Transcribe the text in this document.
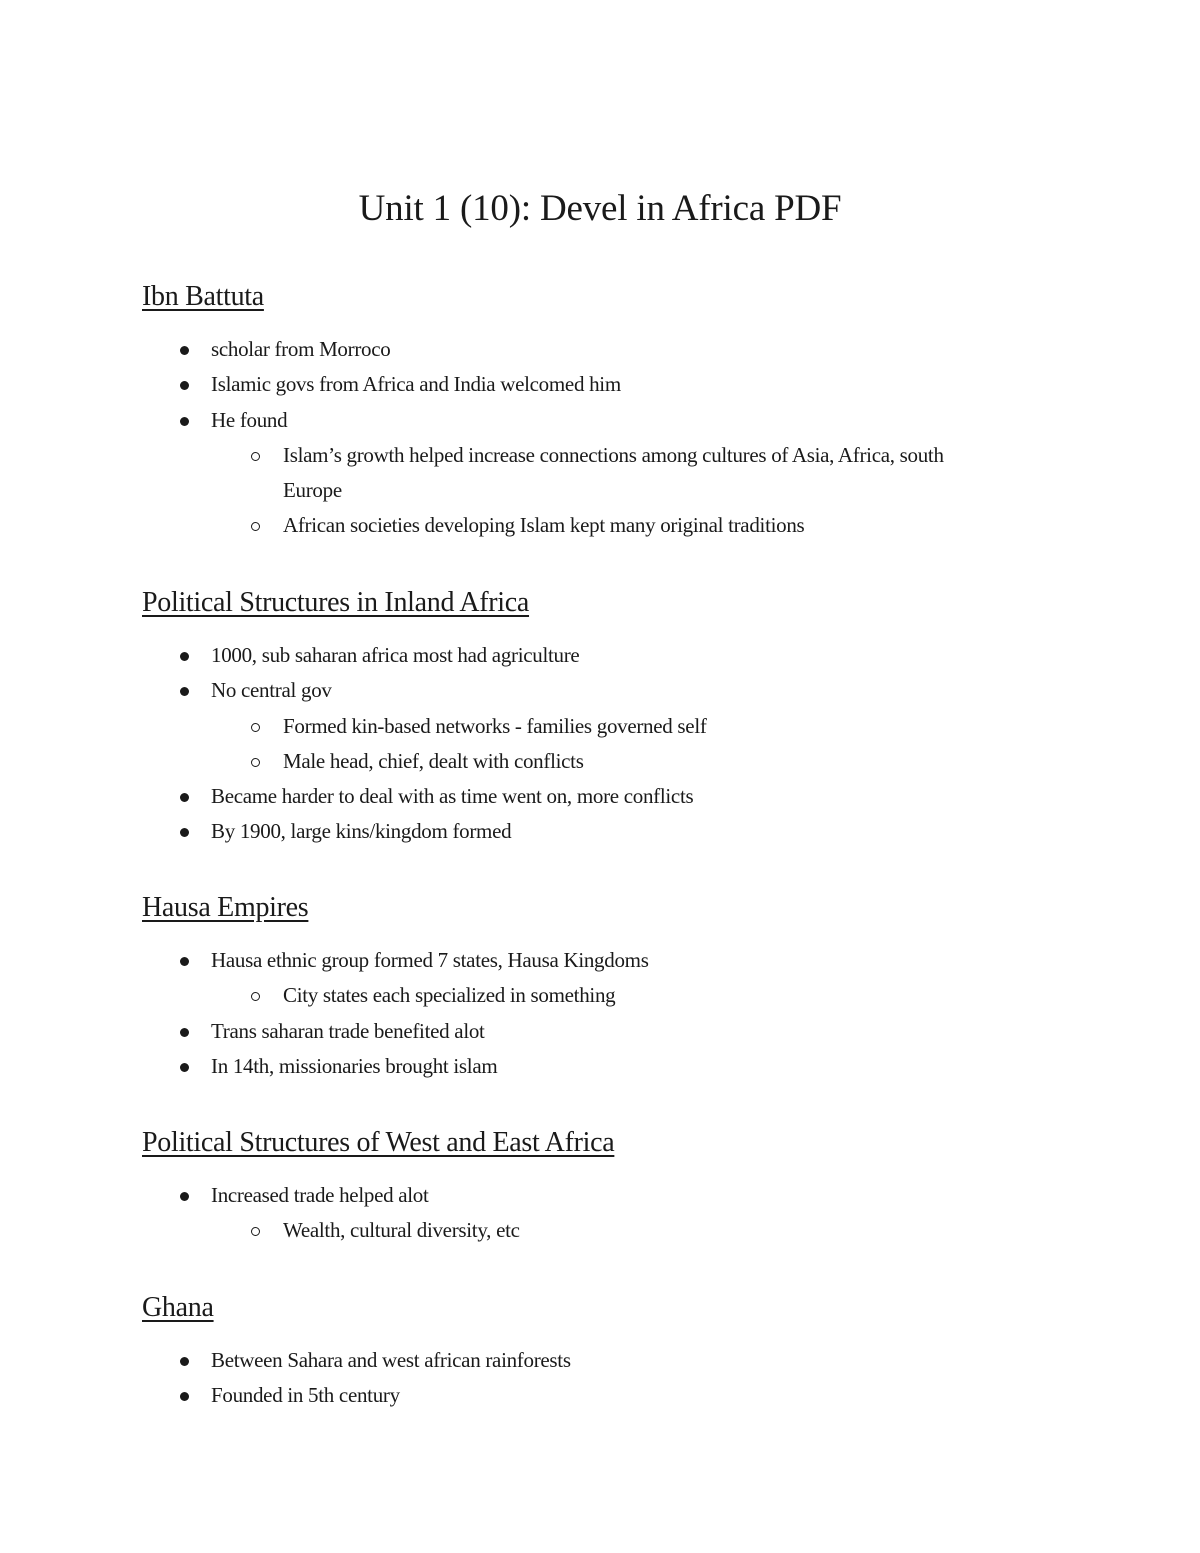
Unit 1 (10): Devel in Africa PDF
Ibn Battuta
scholar from Morroco
Islamic govs from Africa and India welcomed him
He found
Islam’s growth helped increase connections among cultures of Asia, Africa, south Europe
African societies developing Islam kept many original traditions
Political Structures in Inland Africa
1000, sub saharan africa most had agriculture
No central gov
Formed kin-based networks - families governed self
Male head, chief, dealt with conflicts
Became harder to deal with as time went on, more conflicts
By 1900, large kins/kingdom formed
Hausa Empires
Hausa ethnic group formed 7 states, Hausa Kingdoms
City states each specialized in something
Trans saharan trade benefited alot
In 14th, missionaries brought islam
Political Structures of West and East Africa
Increased trade helped alot
Wealth, cultural diversity, etc
Ghana
Between Sahara and west african rainforests
Founded in 5th century
